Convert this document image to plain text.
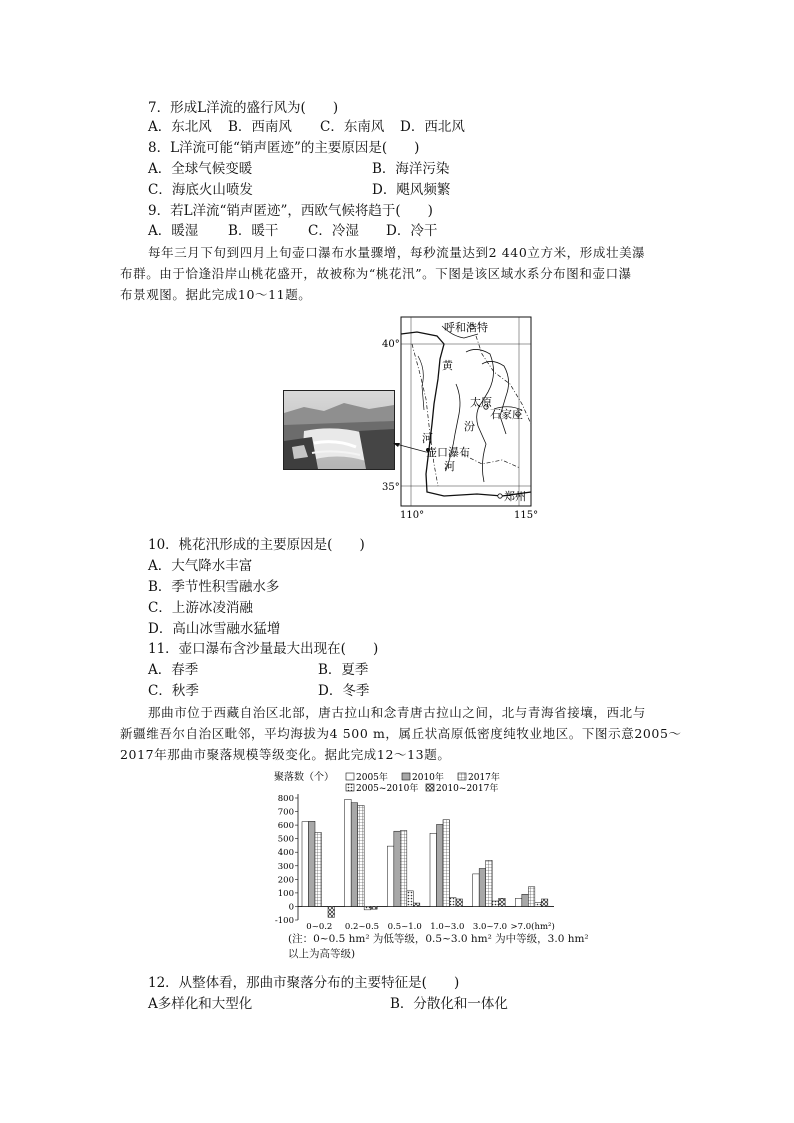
7．形成L洋流的盛行风为(　　)
A．东北风 B．西南风 C．东南风 D．西北风
8．L洋流可能“销声匿迹”的主要原因是(　　)
A．全球气候变暖	B．海洋污染
C．海底火山喷发	D．飓风频繁
9．若L洋流“销声匿迹”，西欧气候将趋于(　　)
A．暖湿 B．暖干 C．冷湿 D．冷干
每年三月下旬到四月上旬壶口瀑布水量骤增，每秒流量达到2 440立方米，形成壮美瀑
布群。由于恰逢沿岸山桃花盛开，故被称为“桃花汛”。下图是该区域水系分布图和壶口瀑
布景观图。据此完成10～11题。
40°
35°
110°	115°
呼和浩特
太原
石家庄
郑州
壶口瀑布
黄
河
河
汾
10．桃花汛形成的主要原因是(　　)
A．大气降水丰富
B．季节性积雪融水多
C．上游冰凌消融
D．高山冰雪融水猛增
11．壶口瀑布含沙量最大出现在(　　)
A．春季	B．夏季
C．秋季	D．冬季
那曲市位于西藏自治区北部，唐古拉山和念青唐古拉山之间，北与青海省接壤，西北与
新疆维吾尔自治区毗邻，平均海拔为4 500 m，属丘状高原低密度纯牧业地区。下图示意2005～
2017年那曲市聚落规模等级变化。据此完成12～13题。
聚落数（个） 2005年	2010年	2017年
2005~2010年 2010~2017年
-100
0
100
200
300
400
500
600
700
800
0~0.2 0.2~0.5 0.5~1.0 1.0~3.0 3.0~7.0 >7.0(hm²)
(注：0~0.5 hm² 为低等级，0.5~3.0 hm² 为中等级，3.0 hm²
以上为高等级)
12．从整体看，那曲市聚落分布的主要特征是(　　)
A多样化和大型化	B．分散化和一体化
